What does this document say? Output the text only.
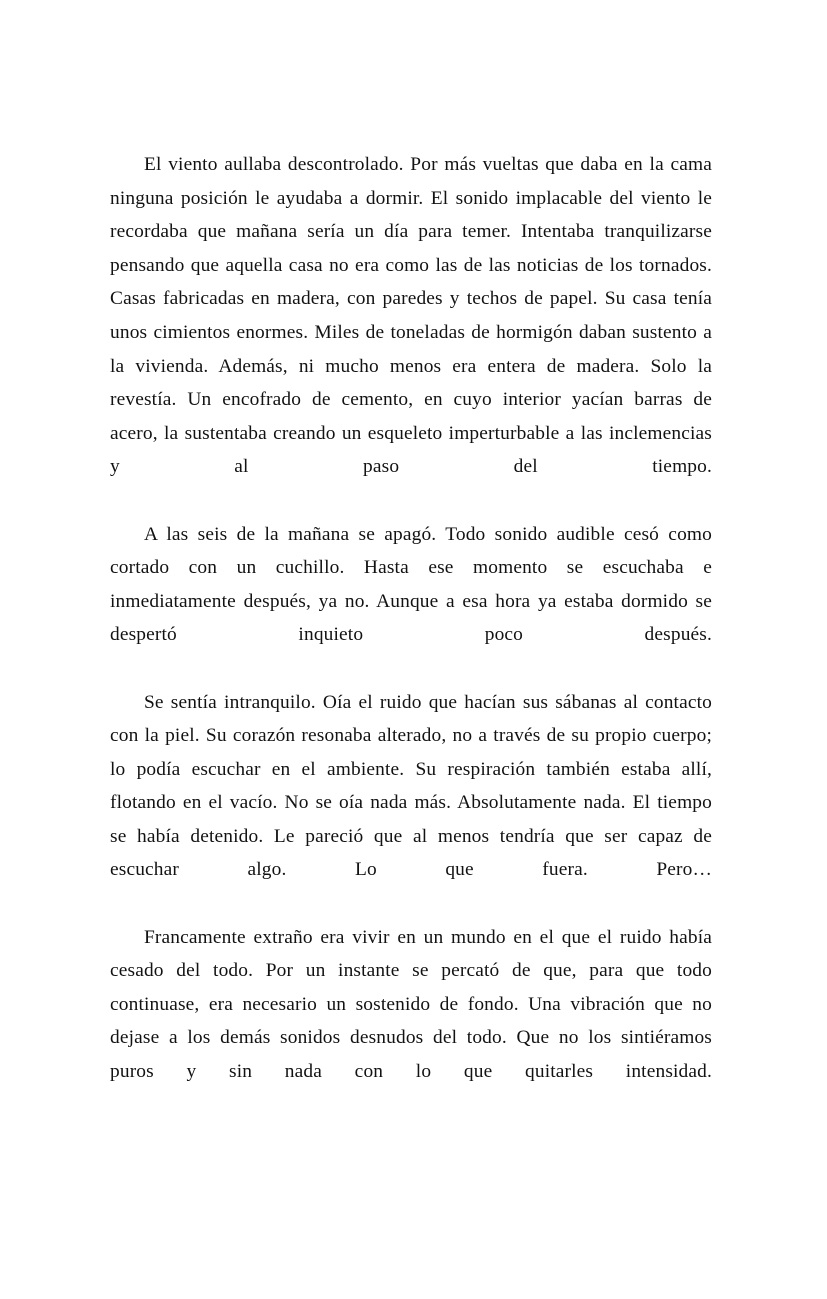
El viento aullaba descontrolado. Por más vueltas que daba en la cama ninguna posición le ayudaba a dormir. El sonido implacable del viento le recordaba que mañana sería un día para temer. Intentaba tranquilizarse pensando que aquella casa no era como las de las noticias de los tornados. Casas fabricadas en madera, con paredes y techos de papel. Su casa tenía unos cimientos enormes. Miles de toneladas de hormigón daban sustento a la vivienda. Además, ni mucho menos era entera de madera. Solo la revestía. Un encofrado de cemento, en cuyo interior yacían barras de acero, la sustentaba creando un esqueleto imperturbable a las inclemencias y al paso del tiempo.

A las seis de la mañana se apagó. Todo sonido audible cesó como cortado con un cuchillo. Hasta ese momento se escuchaba e inmediatamente después, ya no. Aunque a esa hora ya estaba dormido se despertó inquieto poco después.

Se sentía intranquilo. Oía el ruido que hacían sus sábanas al contacto con la piel. Su corazón resonaba alterado, no a través de su propio cuerpo; lo podía escuchar en el ambiente. Su respiración también estaba allí, flotando en el vacío. No se oía nada más. Absolutamente nada. El tiempo se había detenido. Le pareció que al menos tendría que ser capaz de escuchar algo. Lo que fuera. Pero…

Francamente extraño era vivir en un mundo en el que el ruido había cesado del todo. Por un instante se percató de que, para que todo continuase, era necesario un sostenido de fondo. Una vibración que no dejase a los demás sonidos desnudos del todo. Que no los sintiéramos puros y sin nada con lo que quitarles intensidad.
